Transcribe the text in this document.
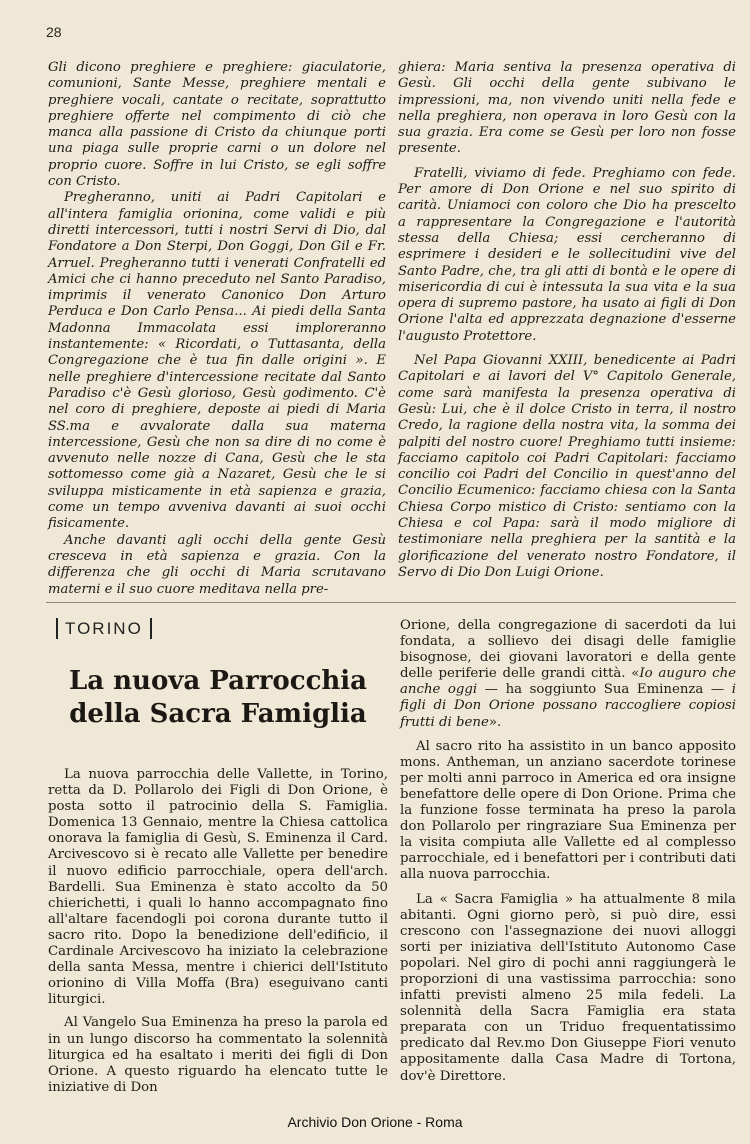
28

Gli dicono preghiere e preghiere: giaculatorie, comunioni, Sante Messe, preghiere mentali e preghiere vocali, cantate o recitate, soprattutto preghiere offerte nel compimento di ciò che manca alla passione di Cristo da chiunque porti una piaga sulle proprie carni o un dolore nel proprio cuore. Soffre in lui Cristo, se egli soffre con Cristo.

Pregheranno, uniti ai Padri Capitolari e all'intera famiglia orionina, come validi e più diretti intercessori, tutti i nostri Servi di Dio, dal Fondatore a Don Sterpi, Don Goggi, Don Gil e Fr. Arruel. Pregheranno tutti i venerati Confratelli ed Amici che ci hanno preceduto nel Santo Paradiso, imprimis il venerato Canonico Don Arturo Perduca e Don Carlo Pensa... Ai piedi della Santa Madonna Immacolata essi imploreranno instantemente: « Ricordati, o Tuttasanta, della Congregazione che è tua fin dalle origini ». E nelle preghiere d'intercessione recitate dal Santo Paradiso c'è Gesù glorioso, Gesù godimento. C'è nel coro di preghiere, deposte ai piedi di Maria SS.ma e avvalorate dalla sua materna intercessione, Gesù che non sa dire di no come è avvenuto nelle nozze di Cana, Gesù che le sta sottomesso come già a Nazaret, Gesù che le si sviluppa misticamente in età sapienza e grazia, come un tempo avveniva davanti ai suoi occhi fisicamente.

Anche davanti agli occhi della gente Gesù cresceva in età sapienza e grazia. Con la differenza che gli occhi di Maria scrutavano materni e il suo cuore meditava nella pre-

ghiera: Maria sentiva la presenza operativa di Gesù. Gli occhi della gente subivano le impressioni, ma, non vivendo uniti nella fede e nella preghiera, non operava in loro Gesù con la sua grazia. Era come se Gesù per loro non fosse presente.

Fratelli, viviamo di fede. Preghiamo con fede. Per amore di Don Orione e nel suo spirito di carità. Uniamoci con coloro che Dio ha prescelto a rappresentare la Congregazione e l'autorità stessa della Chiesa; essi cercheranno di esprimere i desideri e le sollecitudini vive del Santo Padre, che, tra gli atti di bontà e le opere di misericordia di cui è intessuta la sua vita e la sua opera di supremo pastore, ha usato ai figli di Don Orione l'alta ed apprezzata degnazione d'esserne l'augusto Protettore.

Nel Papa Giovanni XXIII, benedicente ai Padri Capitolari e ai lavori del V° Capitolo Generale, come sarà manifesta la presenza operativa di Gesù: Lui, che è il dolce Cristo in terra, il nostro Credo, la ragione della nostra vita, la somma dei palpiti del nostro cuore! Preghiamo tutti insieme: facciamo capitolo coi Padri Capitolari: facciamo concilio coi Padri del Concilio in quest'anno del Concilio Ecumenico: facciamo chiesa con la Santa Chiesa Corpo mistico di Cristo: sentiamo con la Chiesa e col Papa: sarà il modo migliore di testimoniare nella preghiera per la santità e la glorificazione del venerato nostro Fondatore, il Servo di Dio Don Luigi Orione.

TORINO
La nuova Parrocchia
della Sacra Famiglia

La nuova parrocchia delle Vallette, in Torino, retta da D. Pollarolo dei Figli di Don Orione, è posta sotto il patrocinio della S. Famiglia. Domenica 13 Gennaio, mentre la Chiesa cattolica onorava la famiglia di Gesù, S. Eminenza il Card. Arcivescovo si è recato alle Vallette per benedire il nuovo edificio parrocchiale, opera dell'arch. Bardelli. Sua Eminenza è stato accolto da 50 chierichetti, i quali lo hanno accompagnato fino all'altare facendogli poi corona durante tutto il sacro rito. Dopo la benedizione dell'edificio, il Cardinale Arcivescovo ha iniziato la celebrazione della santa Messa, mentre i chierici dell'Istituto orionino di Villa Moffa (Bra) eseguivano canti liturgici.

Al Vangelo Sua Eminenza ha preso la parola ed in un lungo discorso ha commentato la solennità liturgica ed ha esaltato i meriti dei figli di Don Orione. A questo riguardo ha elencato tutte le iniziative di Don

Orione, della congregazione di sacerdoti da lui fondata, a sollievo dei disagi delle famiglie bisognose, dei giovani lavoratori e della gente delle periferie delle grandi città. «Io auguro che anche oggi — ha soggiunto Sua Eminenza — i figli di Don Orione possano raccogliere copiosi frutti di bene».

Al sacro rito ha assistito in un banco apposito mons. Antheman, un anziano sacerdote torinese per molti anni parroco in America ed ora insigne benefattore delle opere di Don Orione. Prima che la funzione fosse terminata ha preso la parola don Pollarolo per ringraziare Sua Eminenza per la visita compiuta alle Vallette ed al complesso parrocchiale, ed i benefattori per i contributi dati alla nuova parrocchia.

La « Sacra Famiglia » ha attualmente 8 mila abitanti. Ogni giorno però, si può dire, essi crescono con l'assegnazione dei nuovi alloggi sorti per iniziativa dell'Istituto Autonomo Case popolari. Nel giro di pochi anni raggiungerà le proporzioni di una vastissima parrocchia: sono infatti previsti almeno 25 mila fedeli. La solennità della Sacra Famiglia era stata preparata con un Triduo frequentatissimo predicato dal Rev.mo Don Giuseppe Fiori venuto appositamente dalla Casa Madre di Tortona, dov'è Direttore.

Archivio Don Orione - Roma
